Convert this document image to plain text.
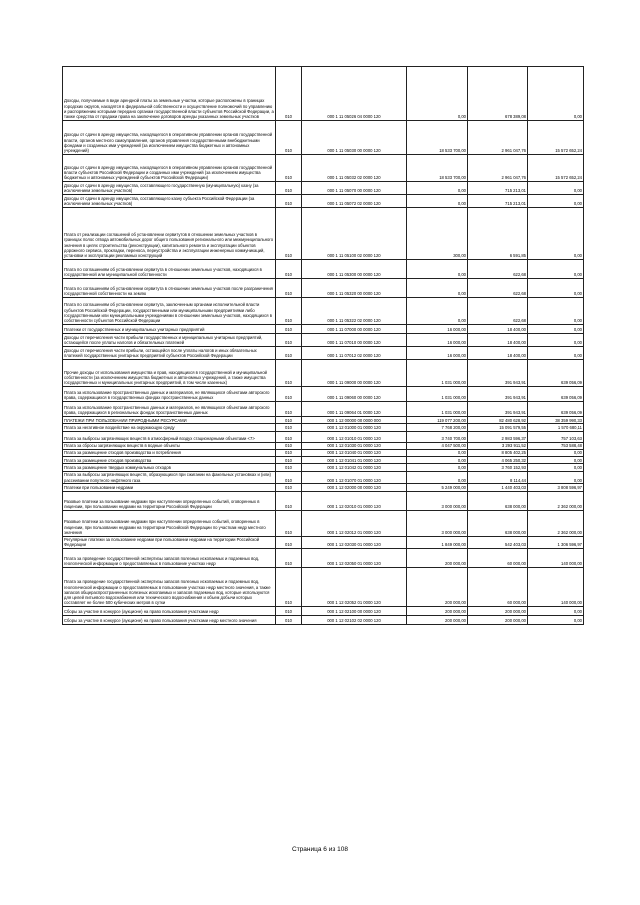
Доходы, получаемые в виде арендной платы за земельные участки, которые расположены в границах городских округов, находятся в федеральной собственности и осуществление полномочий по управлению и распоряжению которыми передано органам государственной власти субъектов Российской Федерации, а также средства от продажи права на заключение договоров аренды указанных земельных участков	010	000 1 11 05026 04 0000 120	0,00	678 389,08	0,00
Доходы от сдачи в аренду имущества, находящегося в оперативном управлении органов государственной власти, органов местного самоуправления, органов управления государственными внебюджетными фондами и созданных ими учреждений (за исключением имущества бюджетных и автономных учреждений)	010	000 1 11 05030 00 0000 120	18 533 700,00	2 961 047,76	15 572 652,24
Доходы от сдачи в аренду имущества, находящегося в оперативном управлении органов государственной власти субъектов Российской Федерации и созданных ими учреждений (за исключением имущества бюджетных и автономных учреждений субъектов Российской Федерации)	010	000 1 11 05032 02 0000 120	18 533 700,00	2 961 047,76	15 572 652,24
Доходы от сдачи в аренду имущества, составляющего государственную (муниципальную) казну (за исключением земельных участков)	010	000 1 11 05070 00 0000 120	0,00	715 213,01	0,00
Доходы от сдачи в аренду имущества, составляющего казну субъекта Российской Федерации (за исключением земельных участков)	010	000 1 11 05072 02 0000 120	0,00	715 213,01	0,00
Плата от реализации соглашений об установлении сервитутов в отношении земельных участков в границах полос отвода автомобильных дорог общего пользования регионального или межмуниципального значения в целях строительства (реконструкции), капитального ремонта и эксплуатации объектов дорожного сервиса, прокладки, переноса, переустройства и эксплуатации инженерных коммуникаций, установки и эксплуатации рекламных конструкций	010	000 1 11 05100 02 0000 120	300,00	6 591,85	0,00
Плата по соглашениям об установлении сервитута в отношении земельных участков, находящихся в государственной или муниципальной собственности	010	000 1 11 05300 00 0000 120	0,00	622,68	0,00
Плата по соглашениям об установлении сервитута в отношении земельных участков после разграничения государственной собственности на землю	010	000 1 11 05320 00 0000 120	0,00	622,68	0,00
Плата по соглашениям об установлении сервитута, заключенным органами исполнительной власти субъектов Российской Федерации, государственными или муниципальными предприятиями либо государственными или муниципальными учреждениями в отношении земельных участков, находящихся в собственности субъектов Российской Федерации	010	000 1 11 05322 02 0000 120	0,00	622,68	0,00
Платежи от государственных и муниципальных унитарных предприятий	010	000 1 11 07000 00 0000 120	16 000,00	18 400,00	0,00
Доходы от перечисления части прибыли государственных и муниципальных унитарных предприятий, остающейся после уплаты налогов и обязательных платежей	010	000 1 11 07010 00 0000 120	16 000,00	18 400,00	0,00
Доходы от перечисления части прибыли, остающейся после уплаты налогов и иных обязательных платежей государственных унитарных предприятий субъектов Российской Федерации	010	000 1 11 07012 02 0000 120	16 000,00	18 400,00	0,00
Прочие доходы от использования имущества и прав, находящихся в государственной и муниципальной собственности (за исключением имущества бюджетных и автономных учреждений, а также имущества государственных и муниципальных унитарных предприятий, в том числе казенных)	010	000 1 11 09000 00 0000 120	1 031 000,00	391 943,91	639 056,09
Плата за использование пространственных данных и материалов, не являющихся объектами авторского права, содержащихся в государственных фондах пространственных данных	010	000 1 11 09060 00 0000 120	1 031 000,00	391 943,91	639 056,09
Плата за использование пространственных данных и материалов, не являющихся объектами авторского права, содержащихся в региональных фондах пространственных данных	010	000 1 11 09064 01 0000 120	1 031 000,00	391 943,91	639 056,09
ПЛАТЕЖИ ПРИ ПОЛЬЗОВАНИИ ПРИРОДНЫМИ РЕСУРСАМИ	010	000 1 12 00000 00 0000 000	119 077 200,00	82 480 628,92	38 359 990,33
Плата за негативное воздействие на окружающую среду	010	000 1 12 01000 01 0000 120	7 768 200,00	15 091 579,55	1 570 680,11
Плата за выбросы загрязняющих веществ в атмосферный воздух стационарными объектами <7>	010	000 1 12 01010 01 0000 120	3 740 700,00	2 983 596,37	757 103,63
Плата за сбросы загрязняющих веществ в водные объекты	010	000 1 12 01030 01 0000 120	4 047 500,00	3 293 911,52	753 588,48
Плата за размещение отходов производства и потребления	010	000 1 12 01040 01 0000 120	0,00	8 805 402,25	0,00
Плата за размещение отходов производства	010	000 1 12 01041 01 0000 120	0,00	4 065 250,32	0,00
Плата за размещение твердых коммунальных отходов	010	000 1 12 01042 01 0000 120	0,00	3 760 152,93	0,00
Плата за выбросы загрязняющих веществ, образующихся при сжигании на факельных установках и (или) рассеивании попутного нефтяного газа	010	000 1 12 01070 01 0000 120	0,00	8 114,44	0,00
Платежи при пользовании недрами	010	000 1 12 02000 00 0000 120	5 249 000,00	1 440 403,03	3 808 596,97
Разовые платежи за пользование недрами при наступлении определенных событий, оговоренных в лицензии, при пользовании недрами на территории Российской Федерации	010	000 1 12 02010 01 0000 120	3 000 000,00	638 000,00	2 362 000,00
Разовые платежи за пользование недрами при наступлении определенных событий, оговоренных в лицензии, при пользовании недрами на территории Российской Федерации по участкам недр местного значения	010	000 1 12 02012 01 0000 120	3 000 000,00	638 000,00	2 362 000,00
Регулярные платежи за пользование недрами при пользовании недрами на территории Российской Федерации	010	000 1 12 02030 01 0000 120	1 849 000,00	542 403,03	1 306 596,97
Плата за проведение государственной экспертизы запасов полезных ископаемых и подземных вод, геологической информации о предоставляемых в пользование участках недр	010	000 1 12 02050 01 0000 120	200 000,00	60 000,00	140 000,00
Плата за проведение государственной экспертизы запасов полезных ископаемых и подземных вод, геологической информации о предоставляемых в пользование участках недр местного значения, а также запасов общераспространенных полезных ископаемых и запасов подземных вод, которые используются для целей питьевого водоснабжения или технического водоснабжения и объем добычи которых составляет не более 500 кубических метров в сутки	010	000 1 12 02052 01 0000 120	200 000,00	60 000,00	140 000,00
Сборы за участие в конкурсе (аукционе) на право пользования участками недр	010	000 1 12 02100 00 0000 120	200 000,00	200 000,00	0,00
Сборы за участие в конкурсе (аукционе) на право пользования участками недр местного значения	010	000 1 12 02102 02 0000 120	200 000,00	200 000,00	0,00
Страница 6 из 108
